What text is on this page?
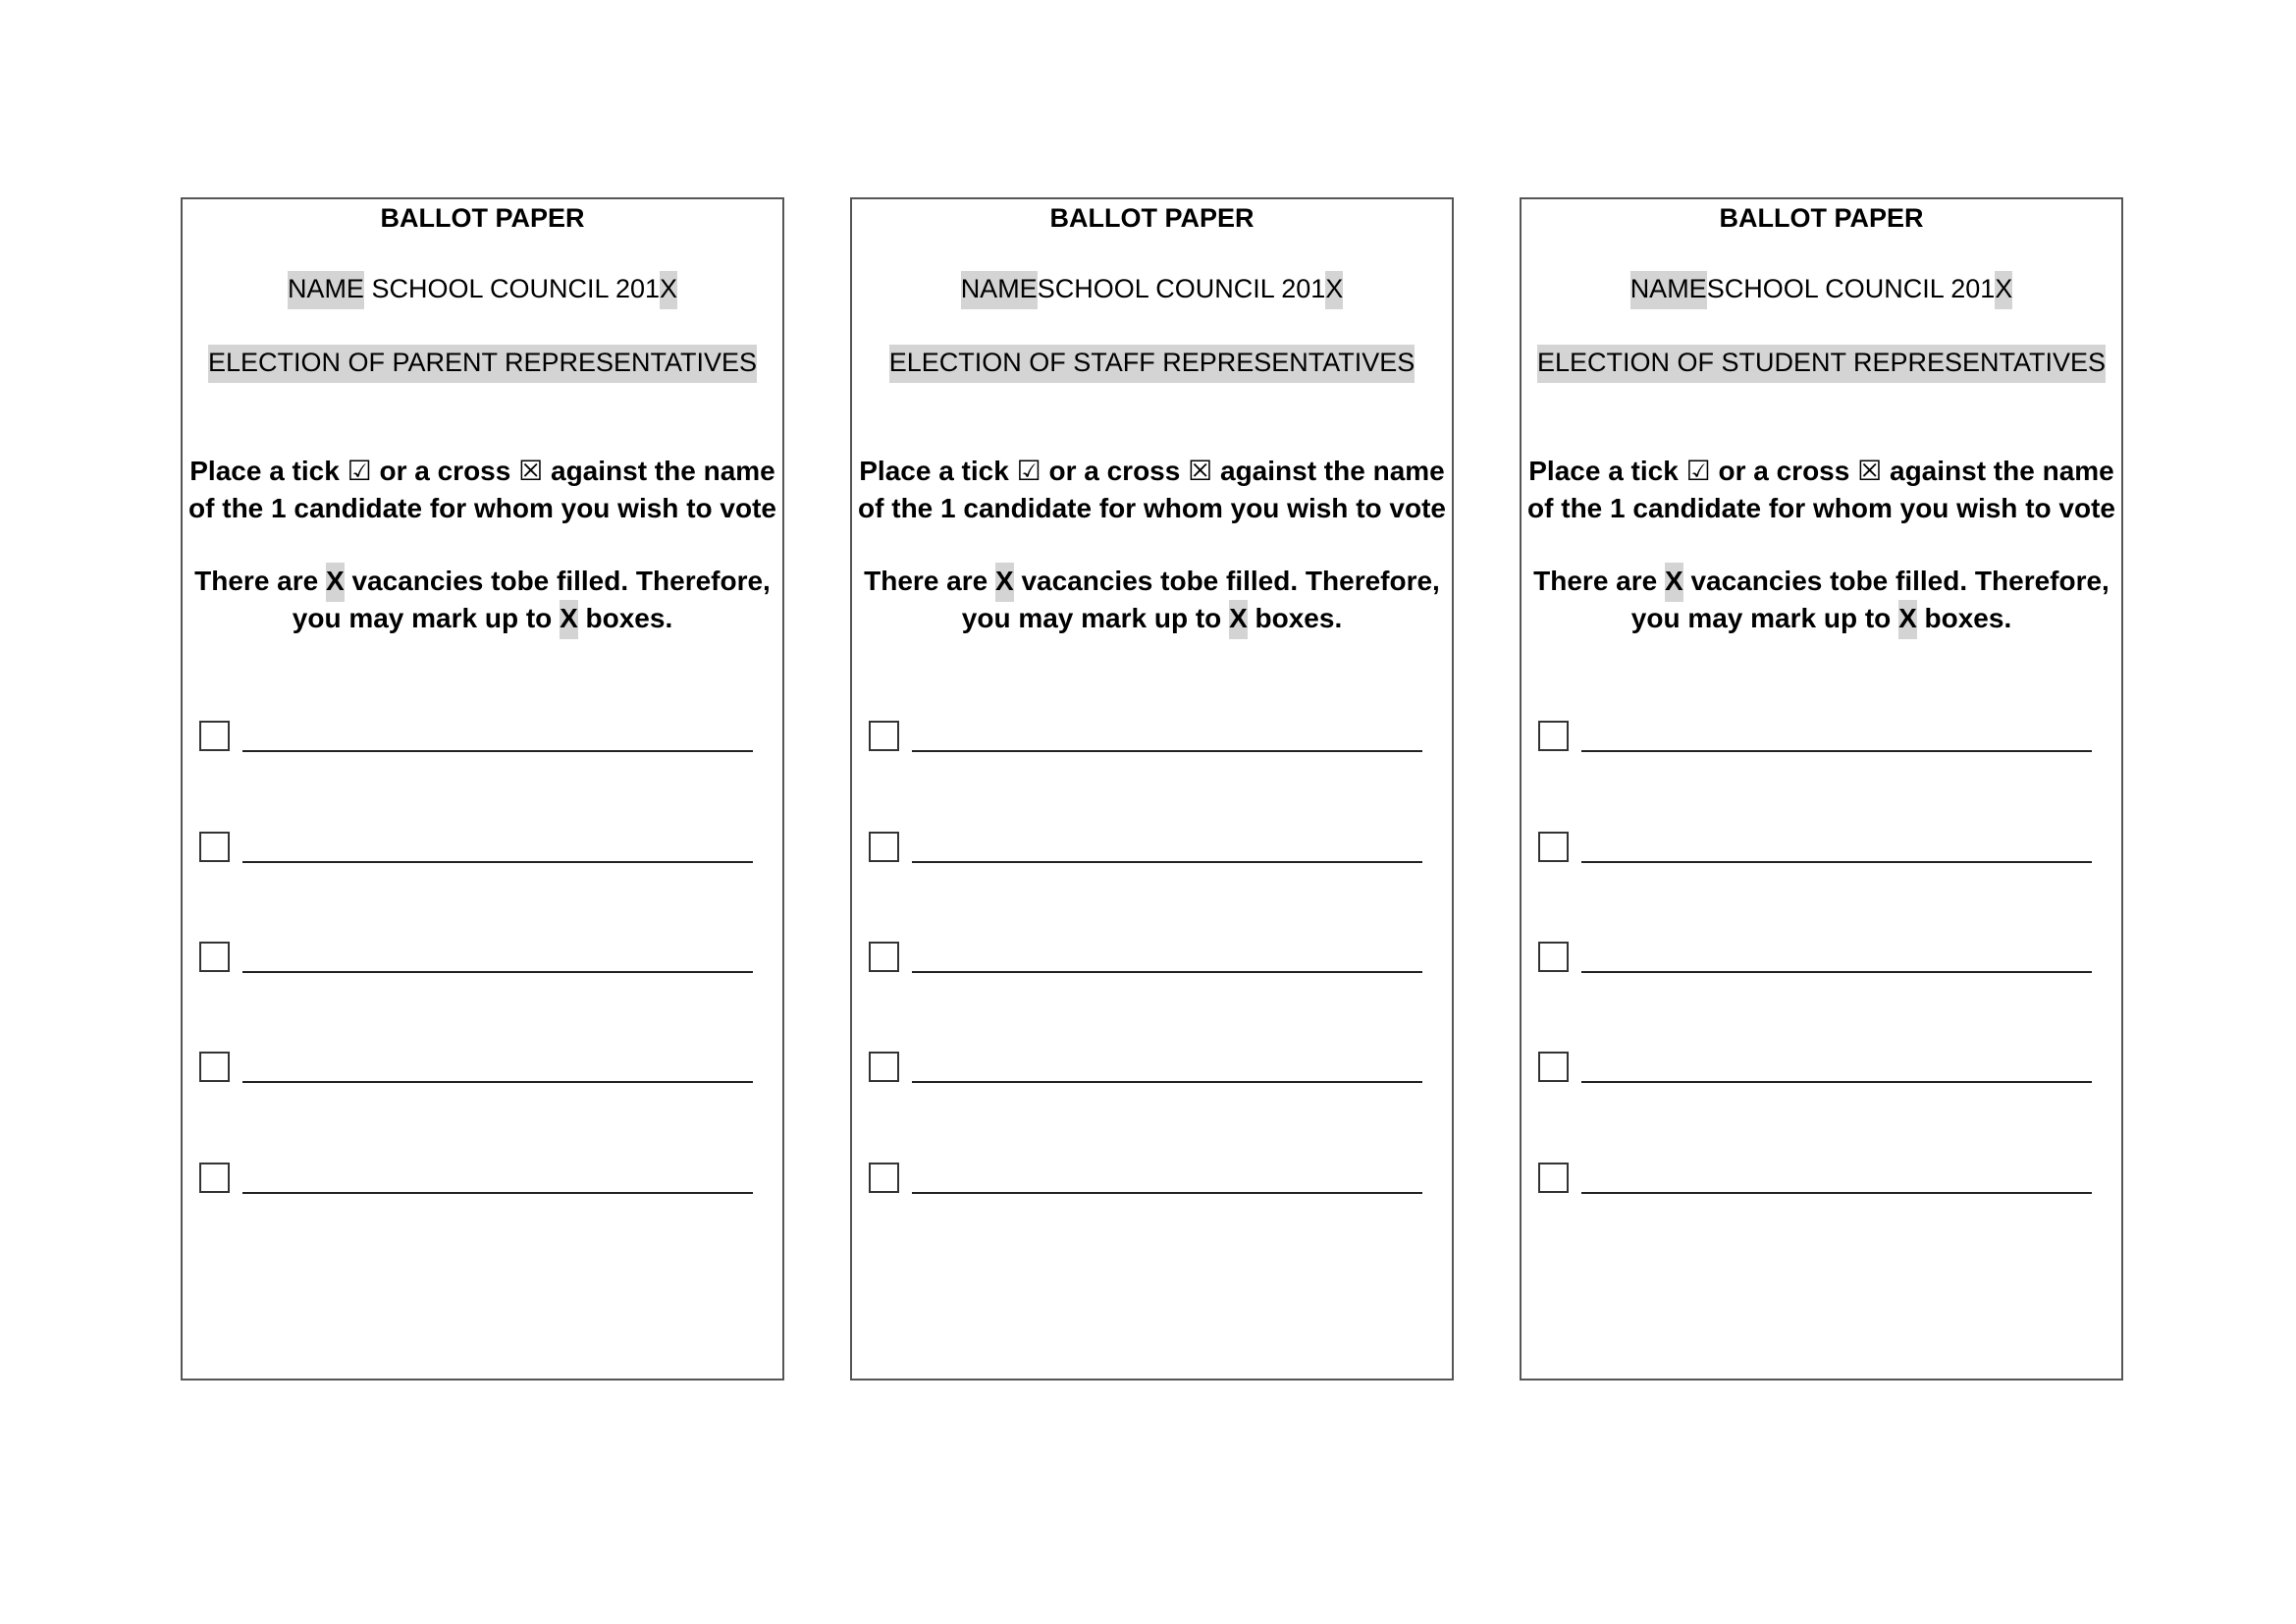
BALLOT PAPER
NAME SCHOOL COUNCIL 201X
ELECTION OF PARENT REPRESENTATIVES
Place a tick ☑ or a cross ☒ against the name
of the 1 candidate for whom you wish to vote
There are X vacancies tobe filled. Therefore,
you may mark up to X boxes.
BALLOT PAPER
NAMESCHOOL COUNCIL 201X
ELECTION OF STAFF REPRESENTATIVES
Place a tick ☑ or a cross ☒ against the name
of the 1 candidate for whom you wish to vote
There are X vacancies tobe filled. Therefore,
you may mark up to X boxes.
BALLOT PAPER
NAMESCHOOL COUNCIL 201X
ELECTION OF STUDENT REPRESENTATIVES
Place a tick ☑ or a cross ☒ against the name
of the 1 candidate for whom you wish to vote
There are X vacancies tobe filled. Therefore,
you may mark up to X boxes.
